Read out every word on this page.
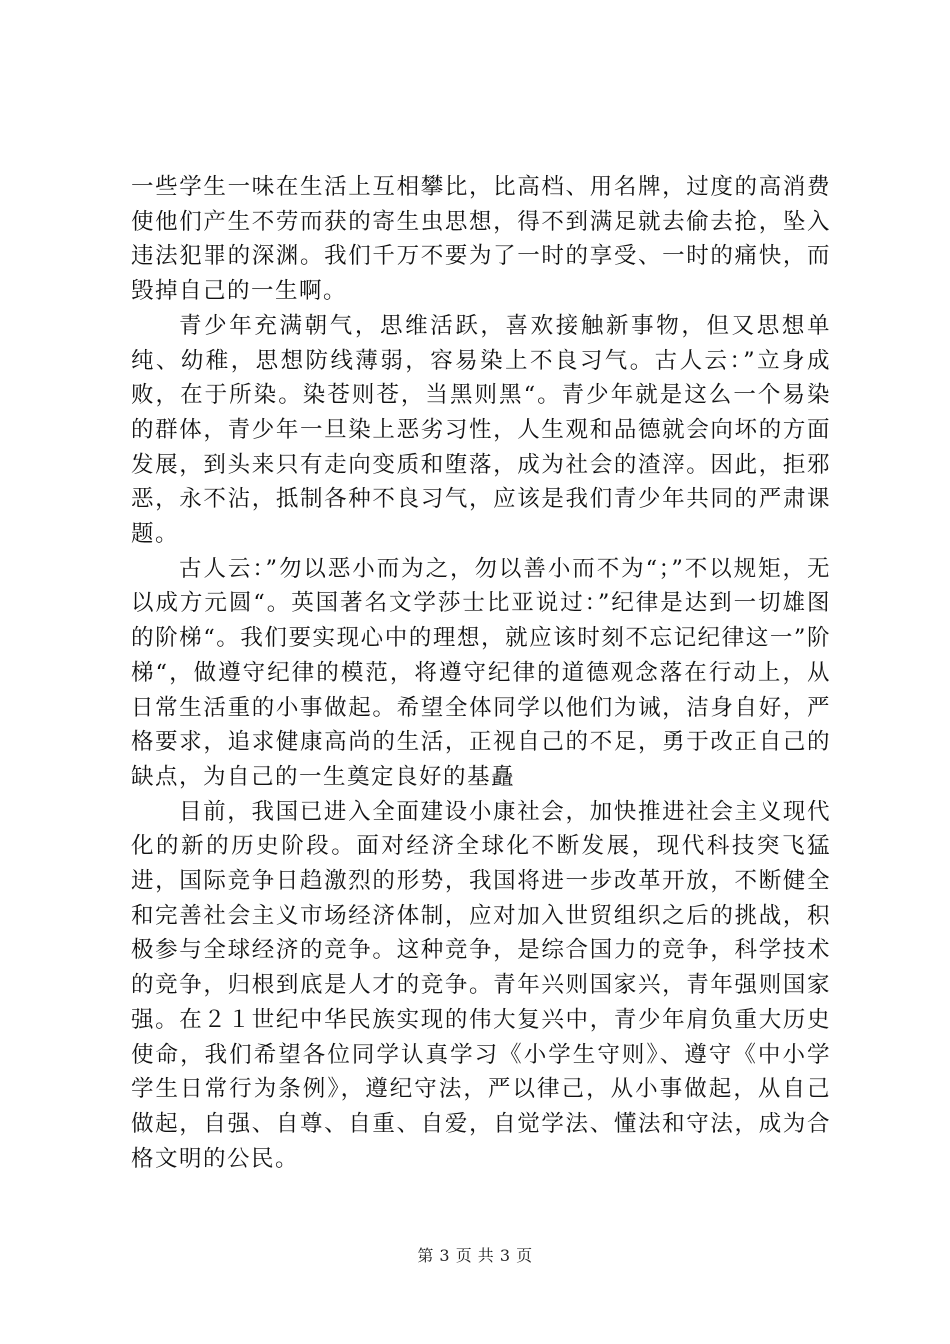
一些学生一味在生活上互相攀比，比高档、用名牌，过度的高消费使他们产生不劳而获的寄生虫思想，得不到满足就去偷去抢，坠入违法犯罪的深渊。我们千万不要为了一时的享受、一时的痛快，而毁掉自己的一生啊。

青少年充满朝气，思维活跃，喜欢接触新事物，但又思想单纯、幼稚，思想防线薄弱，容易染上不良习气。古人云：”立身成败，在于所染。染苍则苍，当黑则黑“。青少年就是这么一个易染的群体，青少年一旦染上恶劣习性，人生观和品德就会向坏的方面发展，到头来只有走向变质和堕落，成为社会的渣滓。因此，拒邪恶，永不沾，抵制各种不良习气，应该是我们青少年共同的严肃课题。

古人云：”勿以恶小而为之，勿以善小而不为“；”不以规矩，无以成方元圆“。英国著名文学莎士比亚说过：”纪律是达到一切雄图的阶梯“。我们要实现心中的理想，就应该时刻不忘记纪律这一”阶梯“，做遵守纪律的模范，将遵守纪律的道德观念落在行动上，从日常生活重的小事做起。希望全体同学以他们为诫，洁身自好，严格要求，追求健康高尚的生活，正视自己的不足，勇于改正自己的缺点，为自己的一生奠定良好的基矗

目前，我国已进入全面建设小康社会，加快推进社会主义现代化的新的历史阶段。面对经济全球化不断发展，现代科技突飞猛进，国际竞争日趋激烈的形势，我国将进一步改革开放，不断健全和完善社会主义市场经济体制，应对加入世贸组织之后的挑战，积极参与全球经济的竞争。这种竞争，是综合国力的竞争，科学技术的竞争，归根到底是人才的竞争。青年兴则国家兴，青年强则国家强。在２１世纪中华民族实现的伟大复兴中，青少年肩负重大历史使命，我们希望各位同学认真学习《小学生守则》、遵守《中小学学生日常行为条例》，遵纪守法，严以律己，从小事做起，从自己做起，自强、自尊、自重、自爱，自觉学法、懂法和守法，成为合格文明的公民。

第 3 页 共 3 页
